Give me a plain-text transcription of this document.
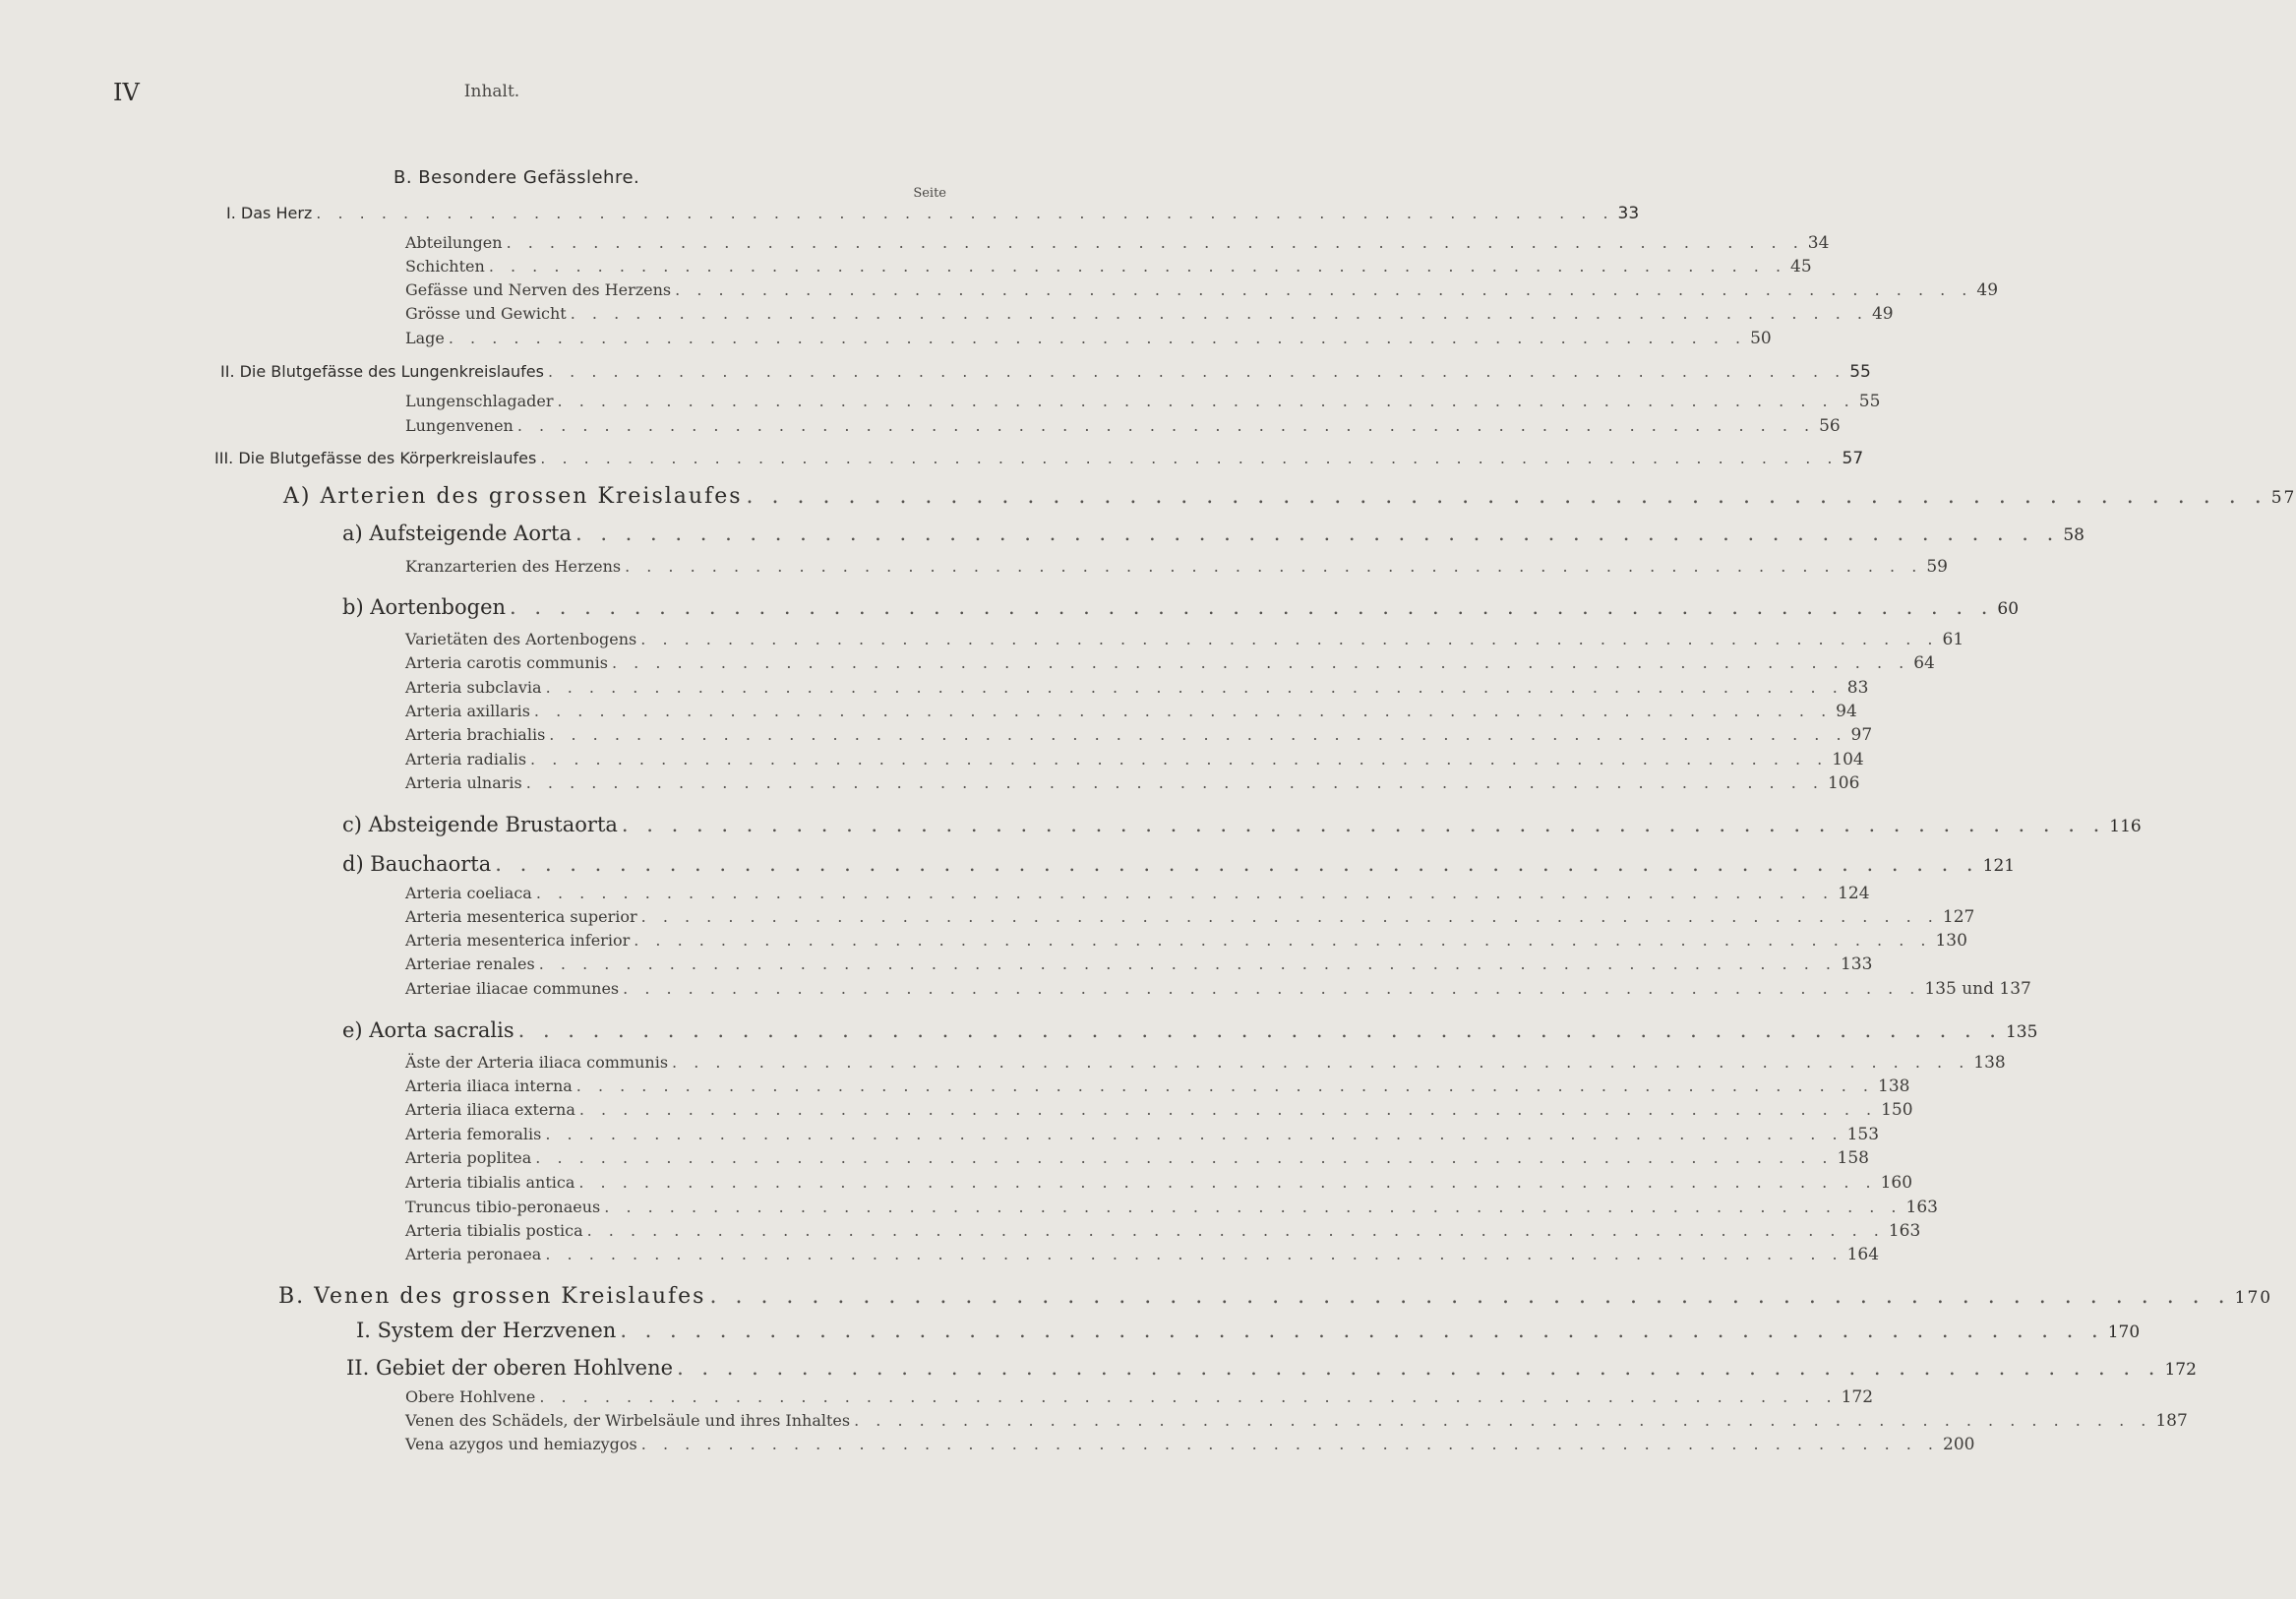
IV	Inhalt.
B. Besondere Gefässlehre.
Seite
I. Das Herz . . . . . . . . . . . . . . . . . . . . . . . . . . . . . . . . . . . . . . . . . . . . . . . . . . . . . . . . . . . . 33
Abteilungen . . . . . . . . . . . . . . . . . . . . . . . . . . . . . . . . . . . . . . . . . . . . . . . . . . . . . . . . . . . . 34
Schichten . . . . . . . . . . . . . . . . . . . . . . . . . . . . . . . . . . . . . . . . . . . . . . . . . . . . . . . . . . . . 45
Gefässe und Nerven des Herzens . . . . . . . . . . . . . . . . . . . . . . . . . . . . . . . . . . . . . . . . . . . . . . . . . . . . . . . . . . . . 49
Grösse und Gewicht . . . . . . . . . . . . . . . . . . . . . . . . . . . . . . . . . . . . . . . . . . . . . . . . . . . . . . . . . . . . 49
Lage . . . . . . . . . . . . . . . . . . . . . . . . . . . . . . . . . . . . . . . . . . . . . . . . . . . . . . . . . . . . 50
II. Die Blutgefässe des Lungenkreislaufes . . . . . . . . . . . . . . . . . . . . . . . . . . . . . . . . . . . . . . . . . . . . . . . . . . . . . . . . . . . . 55
Lungenschlagader . . . . . . . . . . . . . . . . . . . . . . . . . . . . . . . . . . . . . . . . . . . . . . . . . . . . . . . . . . . . 55
Lungenvenen . . . . . . . . . . . . . . . . . . . . . . . . . . . . . . . . . . . . . . . . . . . . . . . . . . . . . . . . . . . . 56
III. Die Blutgefässe des Körperkreislaufes . . . . . . . . . . . . . . . . . . . . . . . . . . . . . . . . . . . . . . . . . . . . . . . . . . . . . . . . . . . . 57
A) Arterien des grossen Kreislaufes . . . . . . . . . . . . . . . . . . . . . . . . . . . . . . . . . . . . . . . . . . . . . . . . . . . . . . . . . . . . 57
a) Aufsteigende Aorta . . . . . . . . . . . . . . . . . . . . . . . . . . . . . . . . . . . . . . . . . . . . . . . . . . . . . . . . . . . . 58
Kranzarterien des Herzens . . . . . . . . . . . . . . . . . . . . . . . . . . . . . . . . . . . . . . . . . . . . . . . . . . . . . . . . . . . . 59
b) Aortenbogen . . . . . . . . . . . . . . . . . . . . . . . . . . . . . . . . . . . . . . . . . . . . . . . . . . . . . . . . . . . . 60
Varietäten des Aortenbogens . . . . . . . . . . . . . . . . . . . . . . . . . . . . . . . . . . . . . . . . . . . . . . . . . . . . . . . . . . . . 61
Arteria carotis communis . . . . . . . . . . . . . . . . . . . . . . . . . . . . . . . . . . . . . . . . . . . . . . . . . . . . . . . . . . . . 64
Arteria subclavia . . . . . . . . . . . . . . . . . . . . . . . . . . . . . . . . . . . . . . . . . . . . . . . . . . . . . . . . . . . . 83
Arteria axillaris . . . . . . . . . . . . . . . . . . . . . . . . . . . . . . . . . . . . . . . . . . . . . . . . . . . . . . . . . . . . 94
Arteria brachialis . . . . . . . . . . . . . . . . . . . . . . . . . . . . . . . . . . . . . . . . . . . . . . . . . . . . . . . . . . . . 97
Arteria radialis . . . . . . . . . . . . . . . . . . . . . . . . . . . . . . . . . . . . . . . . . . . . . . . . . . . . . . . . . . . . 104
Arteria ulnaris . . . . . . . . . . . . . . . . . . . . . . . . . . . . . . . . . . . . . . . . . . . . . . . . . . . . . . . . . . . . 106
c) Absteigende Brustaorta . . . . . . . . . . . . . . . . . . . . . . . . . . . . . . . . . . . . . . . . . . . . . . . . . . . . . . . . . . . . 116
d) Bauchaorta . . . . . . . . . . . . . . . . . . . . . . . . . . . . . . . . . . . . . . . . . . . . . . . . . . . . . . . . . . . . 121
Arteria coeliaca . . . . . . . . . . . . . . . . . . . . . . . . . . . . . . . . . . . . . . . . . . . . . . . . . . . . . . . . . . . . 124
Arteria mesenterica superior . . . . . . . . . . . . . . . . . . . . . . . . . . . . . . . . . . . . . . . . . . . . . . . . . . . . . . . . . . . . 127
Arteria mesenterica inferior . . . . . . . . . . . . . . . . . . . . . . . . . . . . . . . . . . . . . . . . . . . . . . . . . . . . . . . . . . . . 130
Arteriae renales . . . . . . . . . . . . . . . . . . . . . . . . . . . . . . . . . . . . . . . . . . . . . . . . . . . . . . . . . . . . 133
Arteriae iliacae communes . . . . . . . . . . . . . . . . . . . . . . . . . . . . . . . . . . . . . . . . . . . . . . . . . . . . . . . . . . . . 135 und 137
e) Aorta sacralis . . . . . . . . . . . . . . . . . . . . . . . . . . . . . . . . . . . . . . . . . . . . . . . . . . . . . . . . . . . . 135
Äste der Arteria iliaca communis . . . . . . . . . . . . . . . . . . . . . . . . . . . . . . . . . . . . . . . . . . . . . . . . . . . . . . . . . . . . 138
Arteria iliaca interna . . . . . . . . . . . . . . . . . . . . . . . . . . . . . . . . . . . . . . . . . . . . . . . . . . . . . . . . . . . . 138
Arteria iliaca externa . . . . . . . . . . . . . . . . . . . . . . . . . . . . . . . . . . . . . . . . . . . . . . . . . . . . . . . . . . . . 150
Arteria femoralis . . . . . . . . . . . . . . . . . . . . . . . . . . . . . . . . . . . . . . . . . . . . . . . . . . . . . . . . . . . . 153
Arteria poplitea . . . . . . . . . . . . . . . . . . . . . . . . . . . . . . . . . . . . . . . . . . . . . . . . . . . . . . . . . . . . 158
Arteria tibialis antica . . . . . . . . . . . . . . . . . . . . . . . . . . . . . . . . . . . . . . . . . . . . . . . . . . . . . . . . . . . . 160
Truncus tibio-peronaeus . . . . . . . . . . . . . . . . . . . . . . . . . . . . . . . . . . . . . . . . . . . . . . . . . . . . . . . . . . . . 163
Arteria tibialis postica . . . . . . . . . . . . . . . . . . . . . . . . . . . . . . . . . . . . . . . . . . . . . . . . . . . . . . . . . . . . 163
Arteria peronaea . . . . . . . . . . . . . . . . . . . . . . . . . . . . . . . . . . . . . . . . . . . . . . . . . . . . . . . . . . . . 164
B. Venen des grossen Kreislaufes . . . . . . . . . . . . . . . . . . . . . . . . . . . . . . . . . . . . . . . . . . . . . . . . . . . . . . . . . . . . 170
I. System der Herzvenen . . . . . . . . . . . . . . . . . . . . . . . . . . . . . . . . . . . . . . . . . . . . . . . . . . . . . . . . . . . . 170
II. Gebiet der oberen Hohlvene . . . . . . . . . . . . . . . . . . . . . . . . . . . . . . . . . . . . . . . . . . . . . . . . . . . . . . . . . . . . 172
Obere Hohlvene . . . . . . . . . . . . . . . . . . . . . . . . . . . . . . . . . . . . . . . . . . . . . . . . . . . . . . . . . . . . 172
Venen des Schädels, der Wirbelsäule und ihres Inhaltes . . . . . . . . . . . . . . . . . . . . . . . . . . . . . . . . . . . . . . . . . . . . . . . . . . . . . . . . . . . . 187
Vena azygos und hemiazygos . . . . . . . . . . . . . . . . . . . . . . . . . . . . . . . . . . . . . . . . . . . . . . . . . . . . . . . . . . . . 200
